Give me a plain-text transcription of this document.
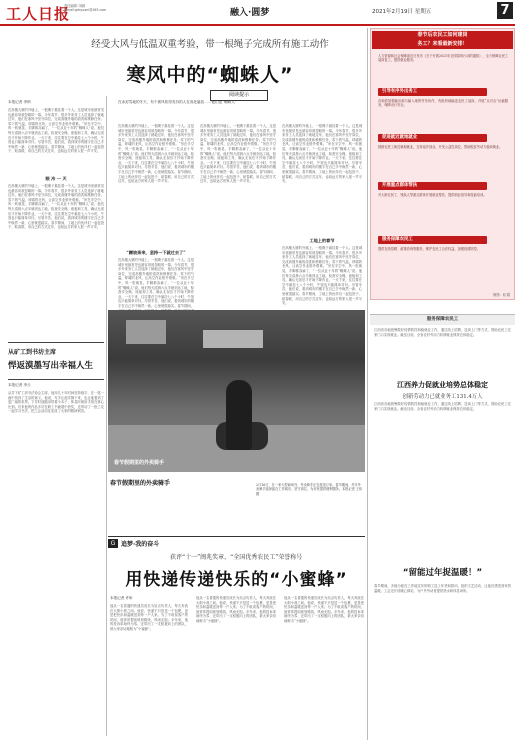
工人日报
责任编辑:·刘颖
E-mail:grbyuanl@163.com	融入·圆梦	2021年2月19日 星期五	7
经受大风与低温双重考验，带一根绳子完成所有施工动作
寒风中的“蜘蛛人”
阅读提示
在冰封雪地的冬天，有个被风吹得发抖的人在高处悬挂……他们是“蜘蛛人”
本报记者 李纳
眼 冷 一 天
在高楼大厦的外墙上，一根绳子悬挂着一个人。这是城市里最常见也最容易被忽略的一幕。今年春节，很多外来务工人员选择了就地过年，他们在寒风中坚守岗位，完成高楼外墙的清洗和维修任务。零下的气温，呼啸的北风，让高空作业格外艰难。“吊在半空中，风一吹就晃，手脚都冻麻了，”一位从业十年的“蜘蛛人”说。他们每天清晨六点半就到达工地，检查安全绳、座板和工具，确认无误后才开始下降作业。一天下来，往往要在空中悬挂七八个小时，午饭也只能简单对付。尽管辛苦，他们说，看到城市的楼宇在自己手中焕然一新，心里就很踏实。春节期间，工地上的伙伴们一起包饺子、贴春联，用自己的方式过年，也给远方的家人报一声平安。
在高楼大厦的外墙上，一根绳子悬挂着一个人。这是城市里最常见也最容易被忽略的一幕。今年春节，很多外来务工人员选择了就地过年，他们在寒风中坚守岗位，完成高楼外墙的清洗和维修任务。零下的气温，呼啸的北风，让高空作业格外艰难。“吊在半空中，风一吹就晃，手脚都冻麻了，”一位从业十年的“蜘蛛人”说。他们每天清晨六点半就到达工地，检查安全绳、座板和工具，确认无误后才开始下降作业。一天下来，往往要在空中悬挂七八个小时，午饭也只能简单对付。尽管辛苦，他们说，看到城市的楼宇在自己手中焕然一新，心里就很踏实。春节期间，工地上的伙伴们一起包饺子、贴春联，用自己的方式过年，也给远方的家人报一声平安。
在高楼大厦的外墙上，一根绳子悬挂着一个人。这是城市里最常见也最容易被忽略的一幕。今年春节，很多外来务工人员选择了就地过年，他们在寒风中坚守岗位，完成高楼外墙的清洗和维修任务。零下的气温，呼啸的北风，让高空作业格外艰难。“吊在半空中，风一吹就晃，手脚都冻麻了，”一位从业十年的“蜘蛛人”说。他们每天清晨六点半就到达工地，检查安全绳、座板和工具，确认无误后才开始下降作业。一天下来，往往要在空中悬挂七八个小时，午饭也只能简单对付。尽管辛苦，他们说，看到城市的楼宇在自己手中焕然一新，心里就很踏实。春节期间，工地上的伙伴们一起包饺子、贴春联，用自己的方式过年，也给远方的家人报一声平安。
“蹭坡奔来，坚持一下就过去了”
在高楼大厦的外墙上，一根绳子悬挂着一个人。这是城市里最常见也最容易被忽略的一幕。今年春节，很多外来务工人员选择了就地过年，他们在寒风中坚守岗位，完成高楼外墙的清洗和维修任务。零下的气温，呼啸的北风，让高空作业格外艰难。“吊在半空中，风一吹就晃，手脚都冻麻了，”一位从业十年的“蜘蛛人”说。他们每天清晨六点半就到达工地，检查安全绳、座板和工具，确认无误后才开始下降作业。一天下来，往往要在空中悬挂七八个小时，午饭也只能简单对付。尽管辛苦，他们说，看到城市的楼宇在自己手中焕然一新，心里就很踏实。春节期间，
在高楼大厦的外墙上，一根绳子悬挂着一个人。这是城市里最常见也最容易被忽略的一幕。今年春节，很多外来务工人员选择了就地过年，他们在寒风中坚守岗位，完成高楼外墙的清洗和维修任务。零下的气温，呼啸的北风，让高空作业格外艰难。“吊在半空中，风一吹就晃，手脚都冻麻了，”一位从业十年的“蜘蛛人”说。他们每天清晨六点半就到达工地，检查安全绳、座板和工具，确认无误后才开始下降作业。一天下来，往往要在空中悬挂七八个小时，午饭也只能简单对付。尽管辛苦，他们说，看到城市的楼宇在自己手中焕然一新，心里就很踏实。春节期间，工地上的伙伴们一起包饺子、贴春联，用自己的方式过年，也给远方的家人报一声平安。
在高楼大厦的外墙上，一根绳子悬挂着一个人。这是城市里最常见也最容易被忽略的一幕。今年春节，很多外来务工人员选择了就地过年，他们在寒风中坚守岗位，完成高楼外墙的清洗和维修任务。零下的气温，呼啸的北风，让高空作业格外艰难。“吊在半空中，风一吹就晃，手脚都冻麻了，”一位从业十年的“蜘蛛人”说。他们每天清晨六点半就到达工地，检查安全绳、座板和工具，确认无误后才开始下降作业。一天下来，往往要在空中悬挂七八个小时，午饭也只能简单对付。尽管辛苦，他们说，看到城市的楼宇在自己手中焕然一新，心里就很踏实。春节期间，工地上的伙伴们一起包饺子、贴春联，用自己的方式过年，也给远方的家人报一声平安。
工地上的春节
在高楼大厦的外墙上，一根绳子悬挂着一个人。这是城市里最常见也最容易被忽略的一幕。今年春节，很多外来务工人员选择了就地过年，他们在寒风中坚守岗位，完成高楼外墙的清洗和维修任务。零下的气温，呼啸的北风，让高空作业格外艰难。“吊在半空中，风一吹就晃，手脚都冻麻了，”一位从业十年的“蜘蛛人”说。他们每天清晨六点半就到达工地，检查安全绳、座板和工具，确认无误后才开始下降作业。一天下来，往往要在空中悬挂七八个小时，午饭也只能简单对付。尽管辛苦，他们说，看到城市的楼宇在自己手中焕然一新，心里就很踏实。春节期间，工地上的伙伴们一起包饺子、贴春联，用自己的方式过年，也给远方的家人报一声平安。
从矿工到书坊主席
悍返漠墨写出幸福人生
本报记者 李丘
从井下矿工到书法协会主席，他用几十年时间坚持练字，在一笔一画中找到了生活的意义。他说，写字让他安静下来，也让他看到了更广阔的世界。下井时他随身带着小本子，休息时就用手指在掌心比划。后来他的作品多次在职工书画展中获奖，还带动了一批工友一起学习书法，把工会活动室变成了大家的精神家园。
春节假期里的外卖骑手
春节假期里的外卖骑手	2月16日，在一家大型商场外，外卖骑手正在派送订单。春节期间，许多外卖骑手选择留在工作城市，坚守岗位，为市民提供便利服务。本报记者 王伟 摄
G 追梦·我的奋斗
获评“十一”闽兆奖章，“全国优秀农民工”荣誉称号
用快递传递快乐的“小蜜蜂”
本报记者 许昕
他从一名普通的快递员成长为站点负责人，每天奔波在大街小巷之间。他说，快递不只是送一个包裹，更是把快乐和温暖送到每一户人家。为了不耽误客户的时间，他常常提前规划路线，风雨无阻。多年来，他的投诉率始终为零，还带出了一支积极向上的团队，被大家亲切地称为“小蜜蜂”。
他从一名普通的快递员成长为站点负责人，每天奔波在大街小巷之间。他说，快递不只是送一个包裹，更是把快乐和温暖送到每一户人家。为了不耽误客户的时间，他常常提前规划路线，风雨无阻。多年来，他的投诉率始终为零，还带出了一支积极向上的团队，被大家亲切地称为“小蜜蜂”。
他从一名普通的快递员成长为站点负责人，每天奔波在大街小巷之间。他说，快递不只是送一个包裹，更是把快乐和温暖送到每一户人家。为了不耽误客户的时间，他常常提前规划路线，风雨无阻。多年来，他的投诉率始终为零，还带出了一支积极向上的团队，被大家亲切地称为“小蜜蜂”。
春节后农民工如何建岗
务工？来看最新安排！
人力资源和社会保障部近日发布《关于开展2021年全国春风行动的通知》，全力保障农民工返岗复工，提供就业服务。
引导有序外出务工
各地将加强输出地与输入地的劳务协作，有组织地输送农民工返岗，开展“点对点”运输服务，保障出行安全。
促进就近就地就业
鼓励农民工就近就地就业，支持返乡创业，开发公益性岗位，帮助脱贫劳动力稳岗就业。
开展重点群体帮扶
对大龄农民工、残疾人等重点群体开展就业帮扶，提供职业指导和技能培训。
服务保障农民工
提供在线招聘、政策咨询等服务，维护农民工合法权益，加强疫情防控。
制图：何 娟
服务保障农民工
江西省各地统筹做好疫情防控和稳就业工作，通过线上招聘、送岗上门等方式，帮助农民工在家门口实现就业。截至目前，全省农村劳动力转移就业保持总体稳定。
江西养力促就业培势总体稳定
创新劳动力已就业务工131.4万人
江西省各地统筹做好疫情防控和稳就业工作，通过线上招聘、送岗上门等方式，帮助农民工在家门口实现就业。截至目前，全省农村劳动力转移就业保持总体稳定。
“留能过年捉温暖！”
春节期间，多地为留在工作地过年的职工送上年货和慰问，组织文艺活动，让他们感受到家的温暖。工会还开设暖心驿站，为户外劳动者提供热水和休息场所。
